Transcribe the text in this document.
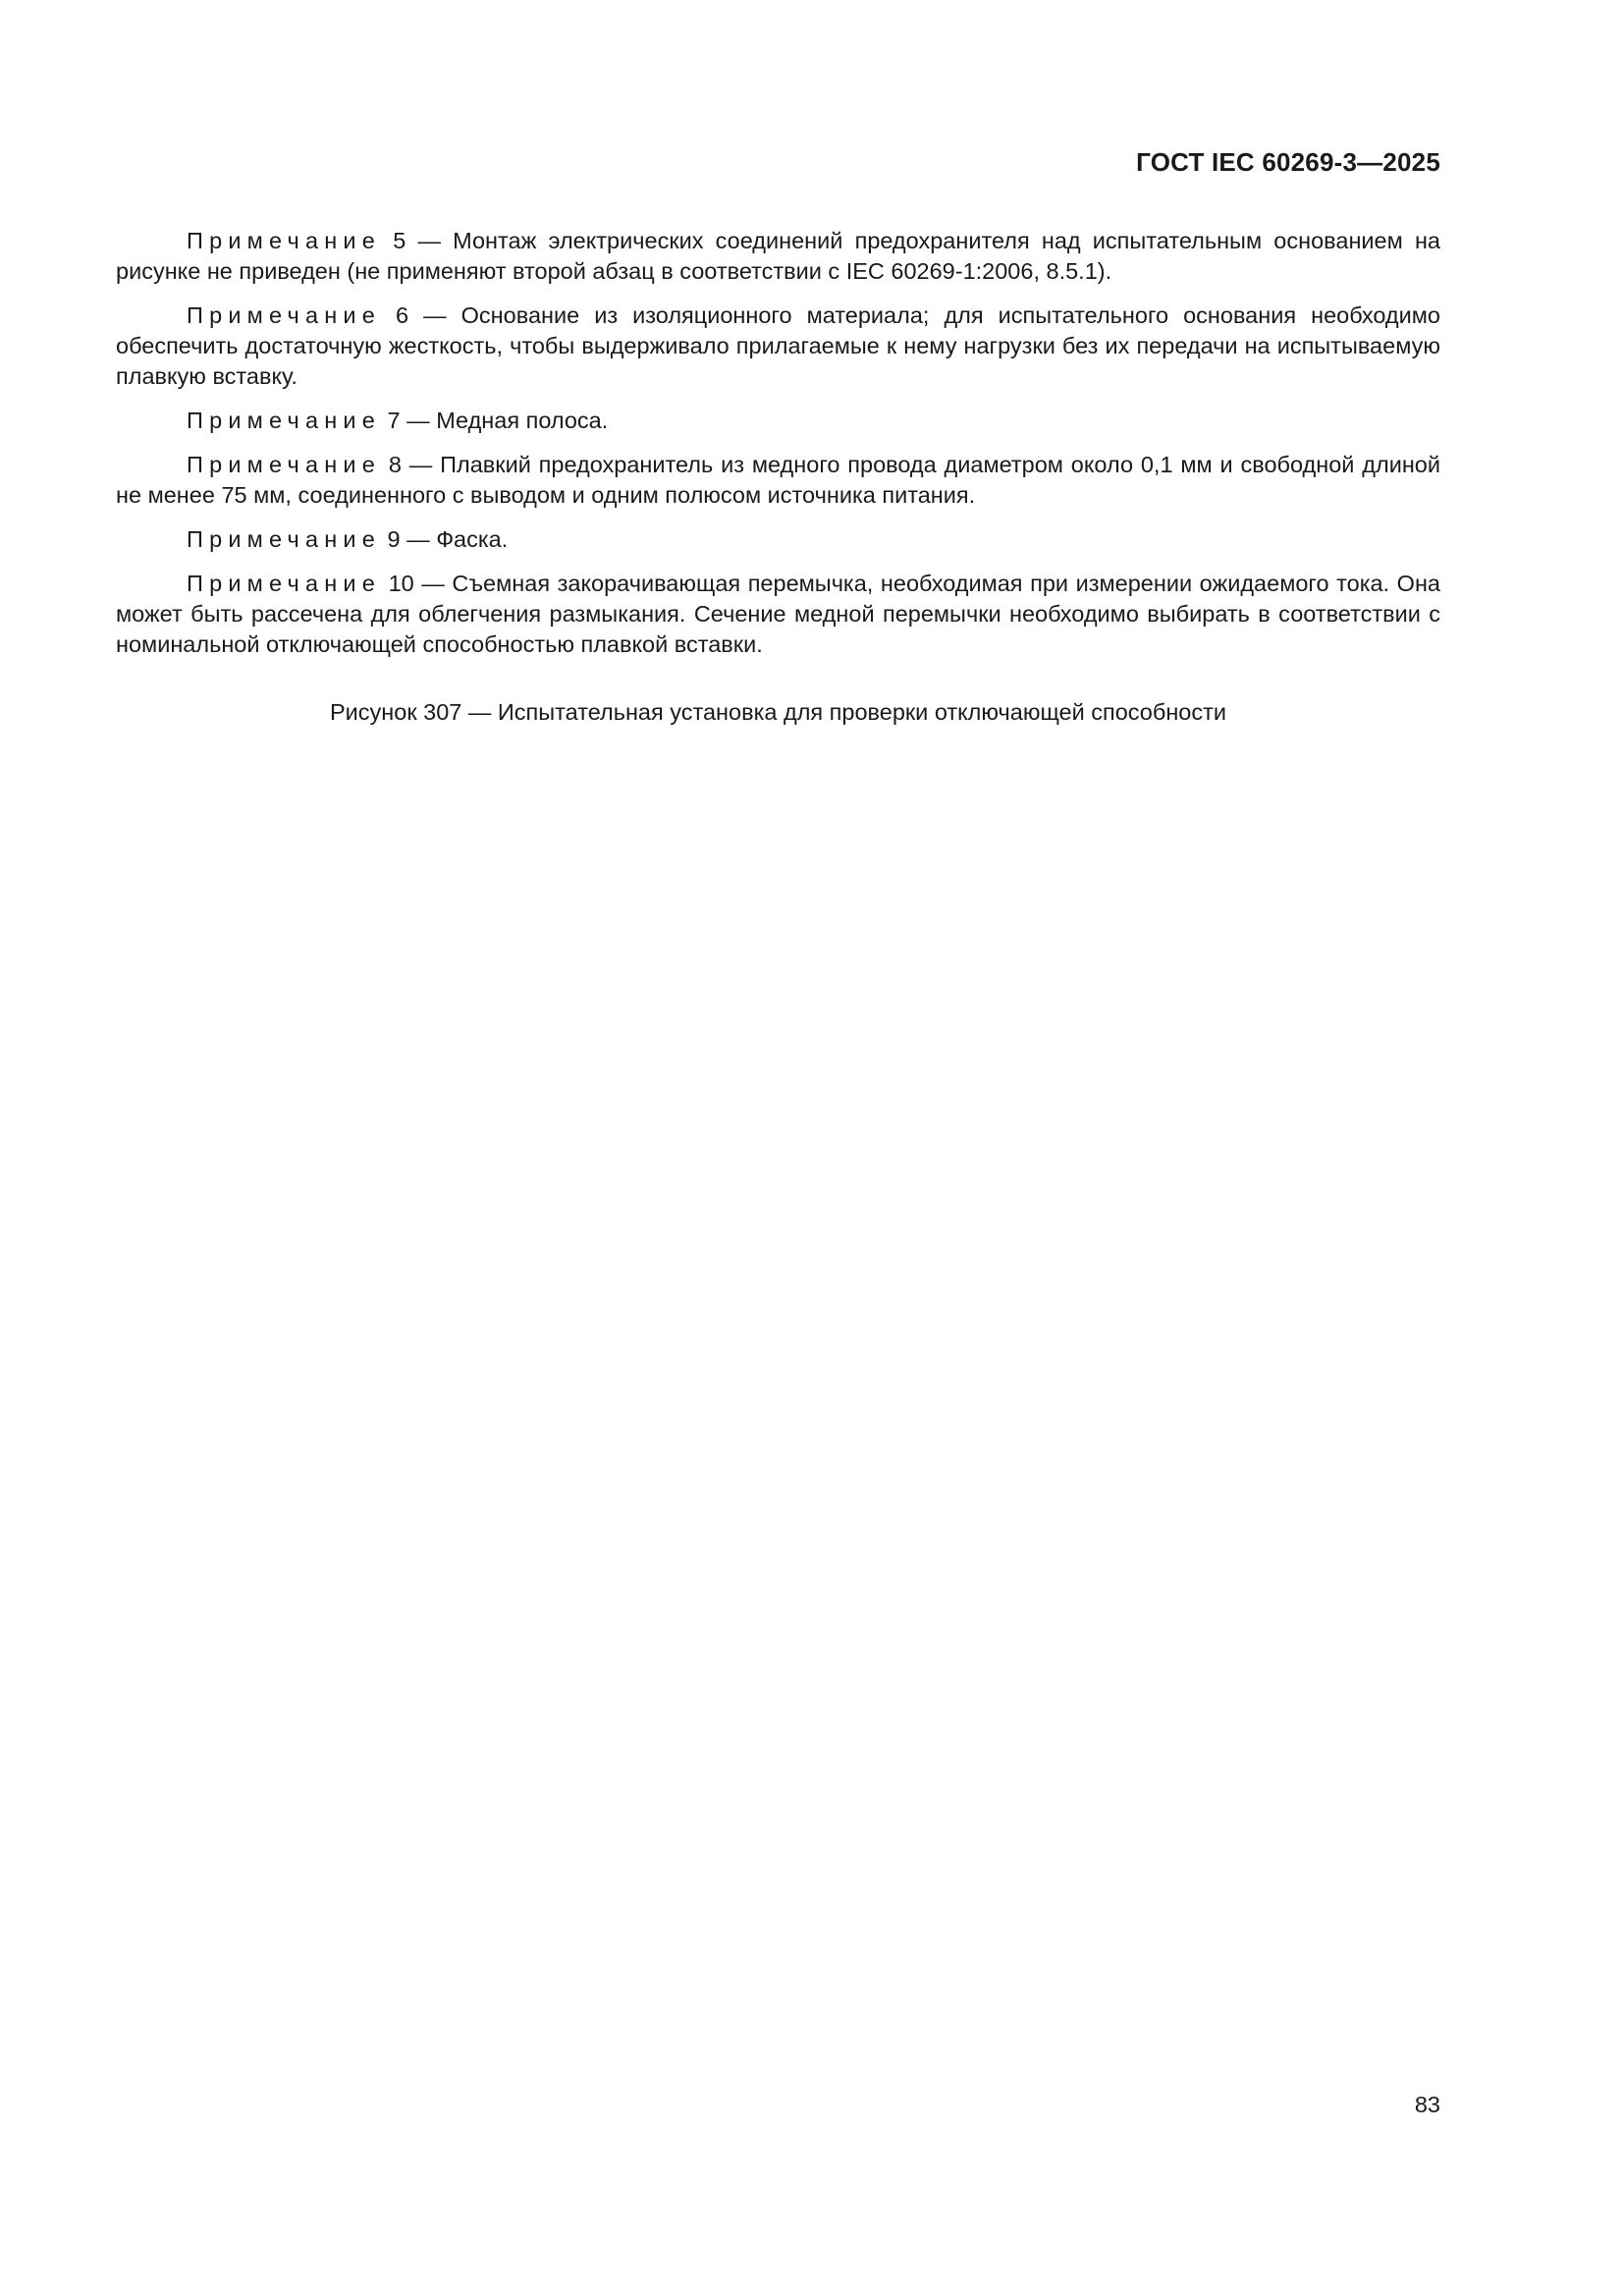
ГОСТ IEC 60269-3—2025

Примечание 5 — Монтаж электрических соединений предохранителя над испытательным основанием на рисунке не приведен (не применяют второй абзац в соответствии с IEC 60269-1:2006, 8.5.1).

Примечание 6 — Основание из изоляционного материала; для испытательного основания необходимо обеспечить достаточную жесткость, чтобы выдерживало прилагаемые к нему нагрузки без их передачи на испытываемую плавкую вставку.

Примечание 7 — Медная полоса.

Примечание 8 — Плавкий предохранитель из медного провода диаметром около 0,1 мм и свободной длиной не менее 75 мм, соединенного с выводом и одним полюсом источника питания.

Примечание 9 — Фаска.

Примечание 10 — Съемная закорачивающая перемычка, необходимая при измерении ожидаемого тока. Она может быть рассечена для облегчения размыкания. Сечение медной перемычки необходимо выбирать в соответствии с номинальной отключающей способностью плавкой вставки.

Рисунок 307 — Испытательная установка для проверки отключающей способности
83
